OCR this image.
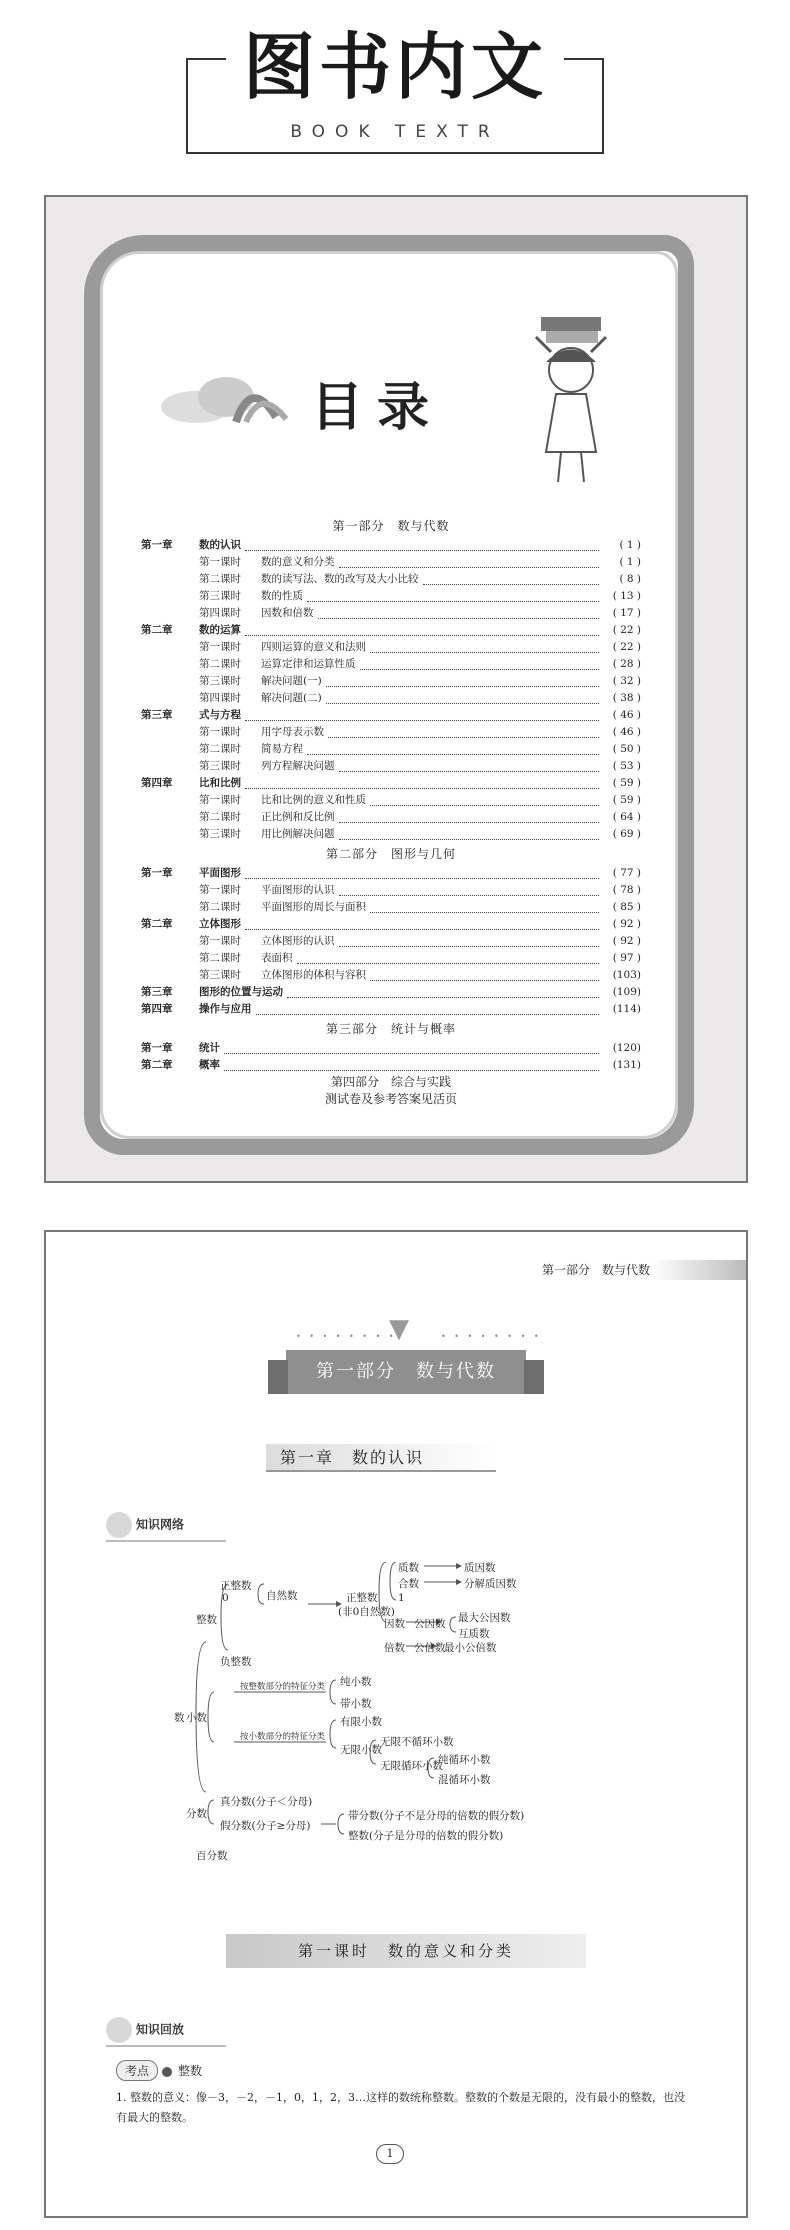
图书内文
BOOK TEXTR
目录
第一部分　数与代数
第一章	数的认识	( 1 )
第一课时	数的意义和分类	( 1 )
第二课时	数的读写法、数的改写及大小比较	( 8 )
第三课时	数的性质	( 13 )
第四课时	因数和倍数	( 17 )
第二章	数的运算	( 22 )
第一课时	四则运算的意义和法则	( 22 )
第二课时	运算定律和运算性质	( 28 )
第三课时	解决问题(一)	( 32 )
第四课时	解决问题(二)	( 38 )
第三章	式与方程	( 46 )
第一课时	用字母表示数	( 46 )
第二课时	简易方程	( 50 )
第三课时	列方程解决问题	( 53 )
第四章	比和比例	( 59 )
第一课时	比和比例的意义和性质	( 59 )
第二课时	正比例和反比例	( 64 )
第三课时	用比例解决问题	( 69 )
第二部分　图形与几何
第一章	平面图形	( 77 )
第一课时	平面图形的认识	( 78 )
第二课时	平面图形的周长与面积	( 85 )
第二章	立体图形	( 92 )
第一课时	立体图形的认识	( 92 )
第二课时	表面积	( 97 )
第三课时	立体图形的体积与容积	(103)
第三章	图形的位置与运动	(109)
第四章	操作与应用	(114)
第三部分　统计与概率
第一章	统计	(120)
第二章	概率	(131)
第四部分　综合与实践
测试卷及参考答案见活页
第一部分　数与代数
• • • • • • • •	• • • • • • • •
▼
第一部分　数与代数
第一章　数的认识
知识网络
数
正整数
0
整数
自然数	正整数
(非0自然数)
质数
合数
1
质因数
分解质因数
因数 公因数 最大公因数
互质数
倍数 公倍数
最小公倍数
负整数
小数
按整数部分的特征分类
按小数部分的特征分类
纯小数
带小数
有限小数
无限小数
无限不循环小数
无限循环小数
纯循环小数
混循环小数
分数
真分数(分子＜分母)
假分数(分子≥分母)
带分数(分子不是分母的倍数的假分数)
整数(分子是分母的倍数的假分数)
百分数
第一课时　数的意义和分类
知识回放
考点 整数
1. 整数的意义：像－3，－2，－1，0，1，2，3…这样的数统称整数。整数的个数是无限的，没有最小的整数，也没有最大的整数。
1
